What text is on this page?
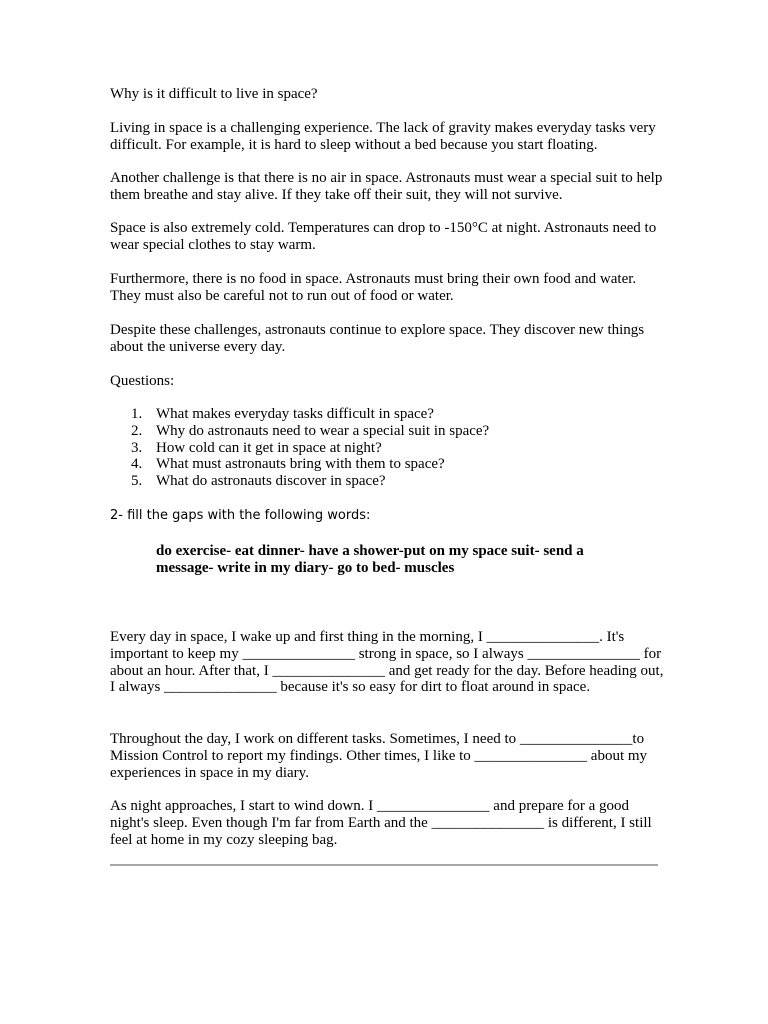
Why is it difficult to live in space?

Living in space is a challenging experience. The lack of gravity makes everyday tasks very difficult. For example, it is hard to sleep without a bed because you start floating.

Another challenge is that there is no air in space. Astronauts must wear a special suit to help them breathe and stay alive. If they take off their suit, they will not survive.

Space is also extremely cold. Temperatures can drop to -150°C at night. Astronauts need to wear special clothes to stay warm.

Furthermore, there is no food in space. Astronauts must bring their own food and water. They must also be careful not to run out of food or water.

Despite these challenges, astronauts continue to explore space. They discover new things about the universe every day.

Questions:

1. What makes everyday tasks difficult in space?
2. Why do astronauts need to wear a special suit in space?
3. How cold can it get in space at night?
4. What must astronauts bring with them to space?
5. What do astronauts discover in space?

2- fill the gaps with the following words:

do exercise- eat dinner- have a shower-put on my space suit- send a message- write in my diary- go to bed- muscles

Every day in space, I wake up and first thing in the morning, I _______________. It's important to keep my _______________ strong in space, so I always _______________ for about an hour. After that, I _______________ and get ready for the day. Before heading out, I always _______________ because it's so easy for dirt to float around in space.

Throughout the day, I work on different tasks. Sometimes, I need to _______________to Mission Control to report my findings. Other times, I like to _______________ about my experiences in space in my diary.

As night approaches, I start to wind down. I _______________ and prepare for a good night's sleep. Even though I'm far from Earth and the _______________ is different, I still feel at home in my cozy sleeping bag.
